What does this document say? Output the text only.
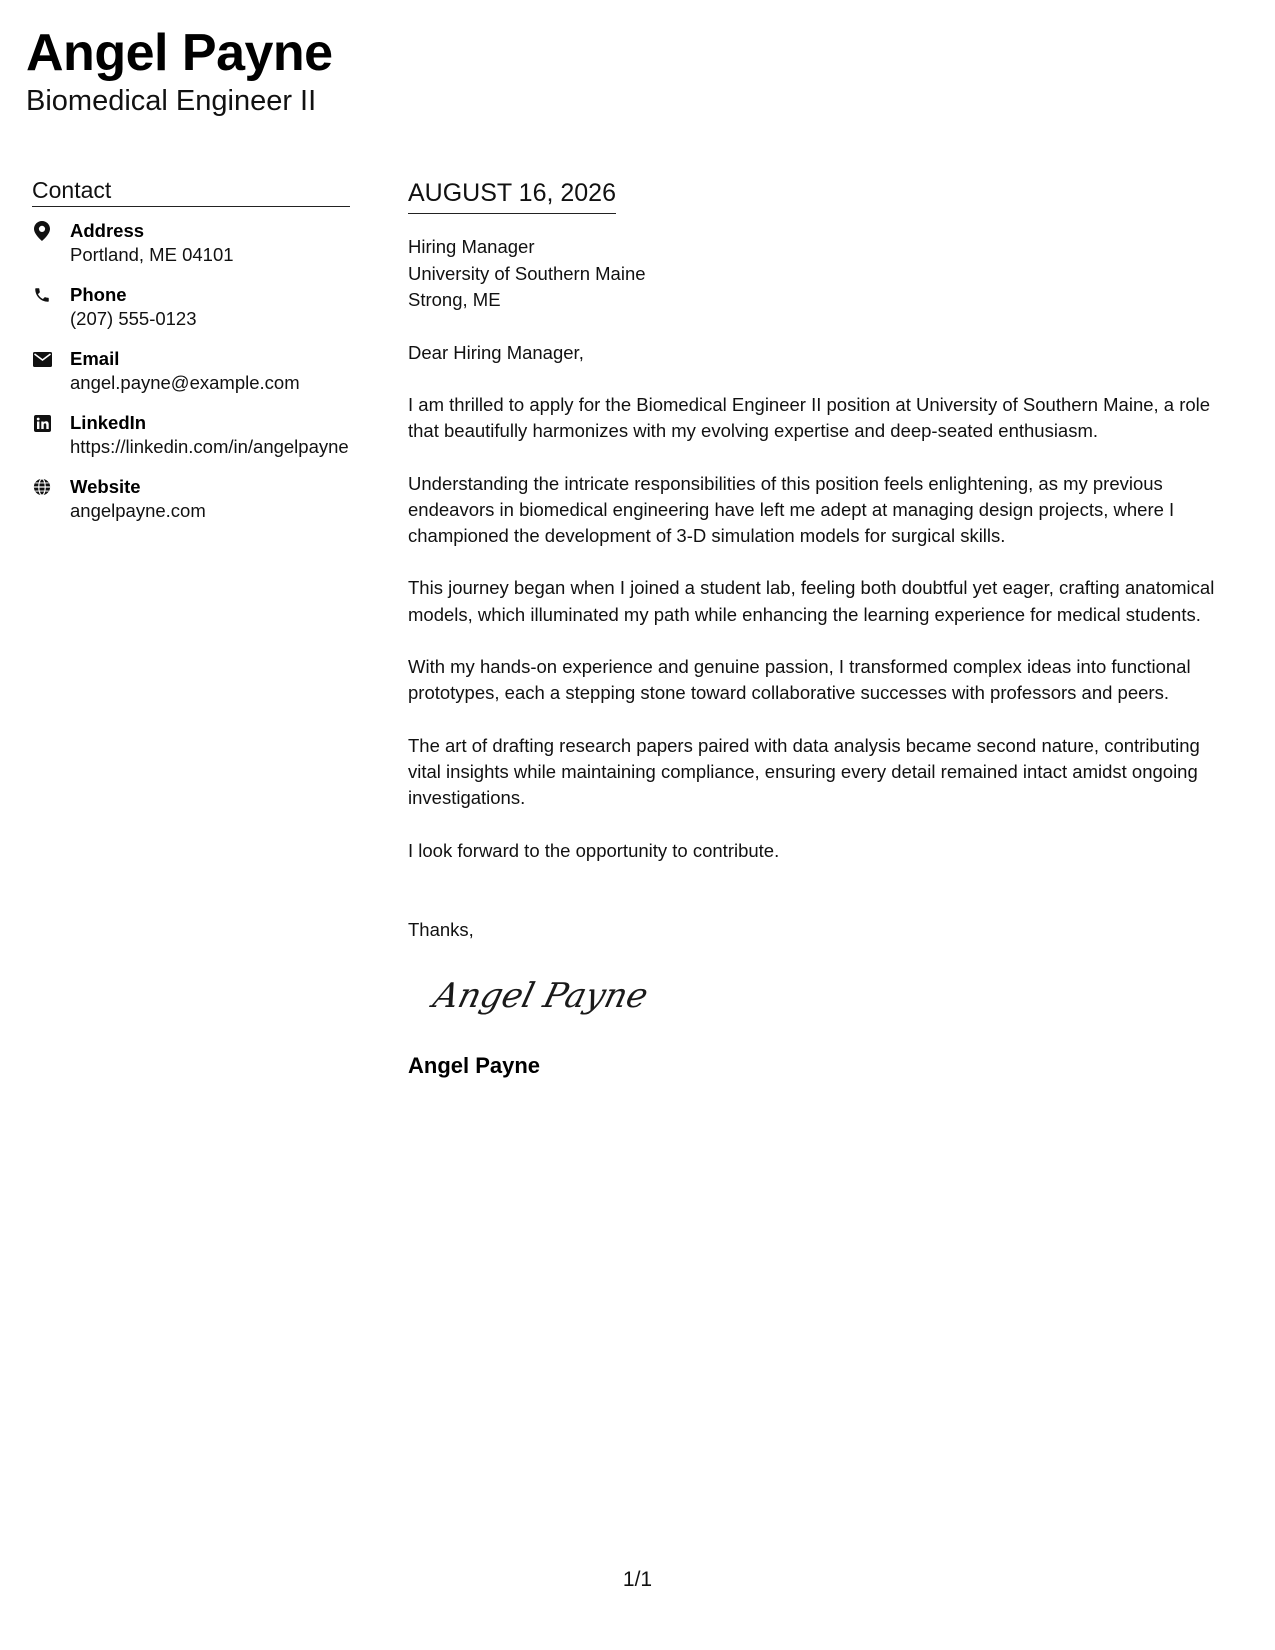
Angel Payne
Biomedical Engineer II
Contact
Address
Portland, ME 04101
Phone
(207) 555-0123
Email
angel.payne@example.com
LinkedIn
https://linkedin.com/in/angelpayne
Website
angelpayne.com
AUGUST 16, 2026
Hiring Manager
University of Southern Maine
Strong, ME

Dear Hiring Manager,

I am thrilled to apply for the Biomedical Engineer II position at University of Southern Maine, a role that beautifully harmonizes with my evolving expertise and deep-seated enthusiasm.

Understanding the intricate responsibilities of this position feels enlightening, as my previous endeavors in biomedical engineering have left me adept at managing design projects, where I championed the development of 3-D simulation models for surgical skills.

This journey began when I joined a student lab, feeling both doubtful yet eager, crafting anatomical models, which illuminated my path while enhancing the learning experience for medical students.

With my hands-on experience and genuine passion, I transformed complex ideas into functional prototypes, each a stepping stone toward collaborative successes with professors and peers.

The art of drafting research papers paired with data analysis became second nature, contributing vital insights while maintaining compliance, ensuring every detail remained intact amidst ongoing investigations.

I look forward to the opportunity to contribute.

Thanks,

Angel Payne
Angel Payne
1/1
